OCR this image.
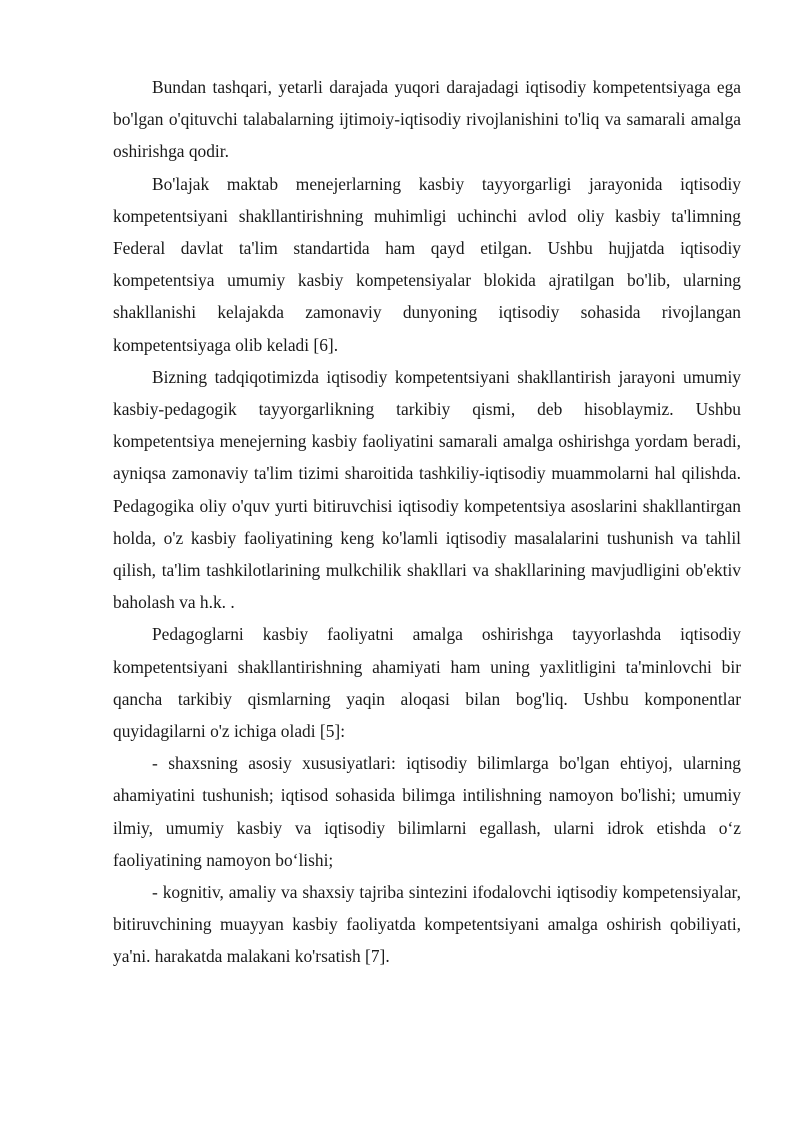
Bundan tashqari, yetarli darajada yuqori darajadagi iqtisodiy kompetentsiyaga ega bo'lgan o'qituvchi talabalarning ijtimoiy-iqtisodiy rivojlanishini to'liq va samarali amalga oshirishga qodir.

Bo'lajak maktab menejerlarning kasbiy tayyorgarligi jarayonida iqtisodiy kompetentsiyani shakllantirishning muhimligi uchinchi avlod oliy kasbiy ta'limning Federal davlat ta'lim standartida ham qayd etilgan. Ushbu hujjatda iqtisodiy kompetentsiya umumiy kasbiy kompetensiyalar blokida ajratilgan bo'lib, ularning shakllanishi kelajakda zamonaviy dunyoning iqtisodiy sohasida rivojlangan kompetentsiyaga olib keladi [6].

Bizning tadqiqotimizda iqtisodiy kompetentsiyani shakllantirish jarayoni umumiy kasbiy-pedagogik tayyorgarlikning tarkibiy qismi, deb hisoblaymiz. Ushbu kompetentsiya menejerning kasbiy faoliyatini samarali amalga oshirishga yordam beradi, ayniqsa zamonaviy ta'lim tizimi sharoitida tashkiliy-iqtisodiy muammolarni hal qilishda. Pedagogika oliy o'quv yurti bitiruvchisi iqtisodiy kompetentsiya asoslarini shakllantirgan holda, o'z kasbiy faoliyatining keng ko'lamli iqtisodiy masalalarini tushunish va tahlil qilish, ta'lim tashkilotlarining mulkchilik shakllari va shakllarining mavjudligini ob'ektiv baholash va h.k. .

Pedagoglarni kasbiy faoliyatni amalga oshirishga tayyorlashda iqtisodiy kompetentsiyani shakllantirishning ahamiyati ham uning yaxlitligini ta'minlovchi bir qancha tarkibiy qismlarning yaqin aloqasi bilan bog'liq. Ushbu komponentlar quyidagilarni o'z ichiga oladi [5]:

- shaxsning asosiy xususiyatlari: iqtisodiy bilimlarga bo'lgan ehtiyoj, ularning ahamiyatini tushunish; iqtisod sohasida bilimga intilishning namoyon bo'lishi; umumiy ilmiy, umumiy kasbiy va iqtisodiy bilimlarni egallash, ularni idrok etishda o‘z faoliyatining namoyon bo‘lishi;

- kognitiv, amaliy va shaxsiy tajriba sintezini ifodalovchi iqtisodiy kompetensiyalar, bitiruvchining muayyan kasbiy faoliyatda kompetentsiyani amalga oshirish qobiliyati, ya'ni. harakatda malakani ko'rsatish [7].
